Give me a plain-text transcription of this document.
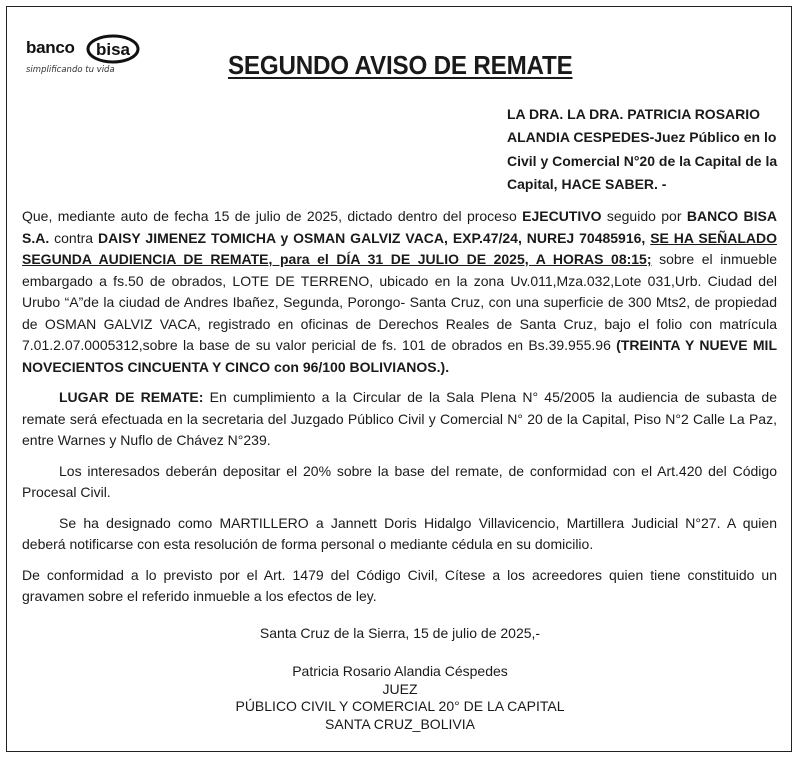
banco bisa
simplificando tu vida	SEGUNDO AVISO DE REMATE
LA DRA. LA DRA. PATRICIA ROSARIO ALANDIA CESPEDES-Juez Público en lo Civil y Comercial N°20 de la Capital de la Capital, HACE SABER. -

Que, mediante auto de fecha 15 de julio de 2025, dictado dentro del proceso EJECUTIVO seguido por BANCO BISA S.A. contra DAISY JIMENEZ TOMICHA y OSMAN GALVIZ VACA, EXP.47/24, NUREJ 70485916, SE HA SEÑALADO SEGUNDA AUDIENCIA DE REMATE, para el DÍA 31 DE JULIO DE 2025, A HORAS 08:15; sobre el inmueble embargado a fs.50 de obrados, LOTE DE TERRENO, ubicado en la zona Uv.011,Mza.032,Lote 031,Urb. Ciudad del Urubo “A”de la ciudad de Andres Ibañez, Segunda, Porongo- Santa Cruz, con una superficie de 300 Mts2, de propiedad de OSMAN GALVIZ VACA, registrado en oficinas de Derechos Reales de Santa Cruz, bajo el folio con matrícula 7.01.2.07.0005312,sobre la base de su valor pericial de fs. 101 de obrados en Bs.39.955.96 (TREINTA Y NUEVE MIL NOVECIENTOS CINCUENTA Y CINCO con 96/100 BOLIVIANOS.).

LUGAR DE REMATE: En cumplimiento a la Circular de la Sala Plena N° 45/2005 la audiencia de subasta de remate será efectuada en la secretaria del Juzgado Público Civil y Comercial N° 20 de la Capital, Piso N°2 Calle La Paz, entre Warnes y Nuflo de Chávez N°239.

Los interesados deberán depositar el 20% sobre la base del remate, de conformidad con el Art.420 del Código Procesal Civil.

Se ha designado como MARTILLERO a Jannett Doris Hidalgo Villavicencio, Martillera Judicial N°27. A quien deberá notificarse con esta resolución de forma personal o mediante cédula en su domicilio.

De conformidad a lo previsto por el Art. 1479 del Código Civil, Cítese a los acreedores quien tiene constituido un gravamen sobre el referido inmueble a los efectos de ley.

Santa Cruz de la Sierra, 15 de julio de 2025,-
Patricia Rosario Alandia Céspedes
JUEZ
PÚBLICO CIVIL Y COMERCIAL 20° DE LA CAPITAL
SANTA CRUZ_BOLIVIA
